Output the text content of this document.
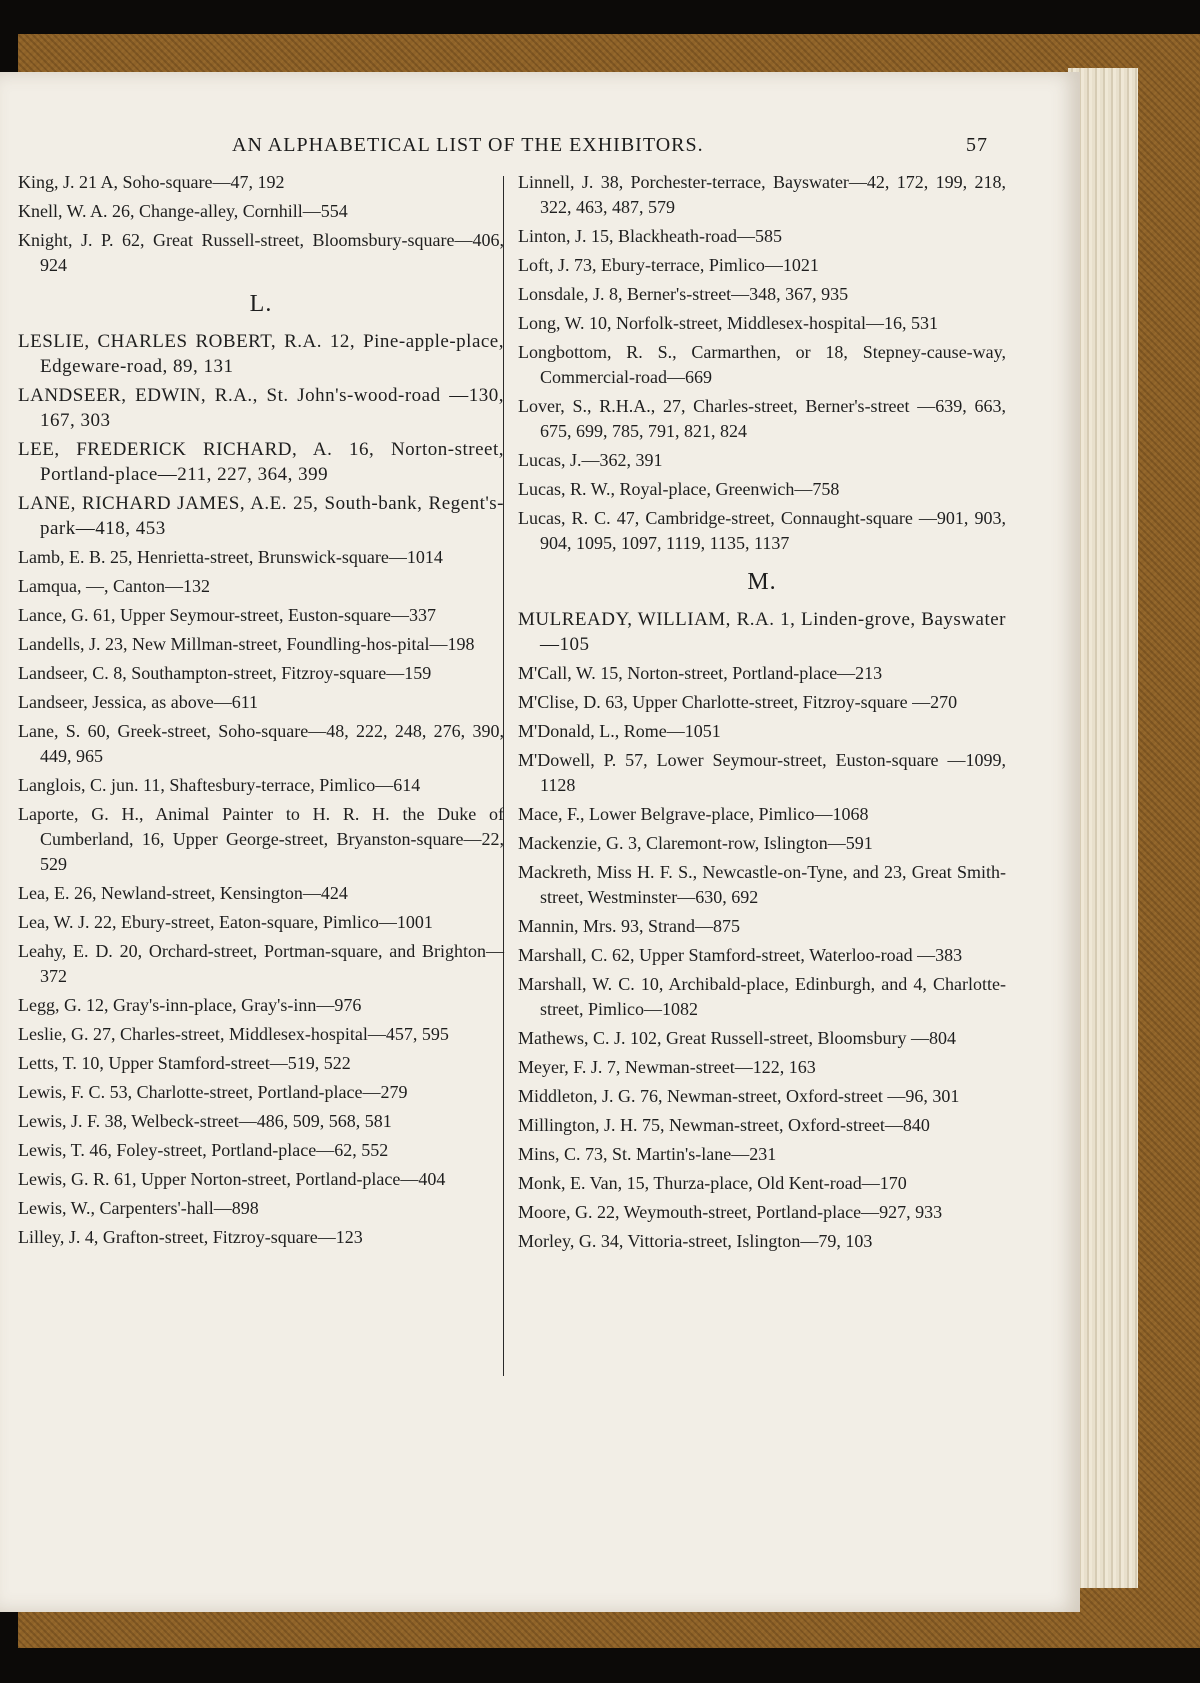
AN ALPHABETICAL LIST OF THE EXHIBITORS.	57
King, J. 21 A, Soho-square—47, 192
Knell, W. A. 26, Change-alley, Cornhill—554
Knight, J. P. 62, Great Russell-street, Bloomsbury-square—406, 924
L.
LESLIE, CHARLES ROBERT, R.A. 12, Pine-apple-place, Edgeware-road, 89, 131
LANDSEER, EDWIN, R.A., St. John's-wood-road —130, 167, 303
LEE, FREDERICK RICHARD, A. 16, Norton-street, Portland-place—211, 227, 364, 399
LANE, RICHARD JAMES, A.E. 25, South-bank, Regent's-park—418, 453
Lamb, E. B. 25, Henrietta-street, Brunswick-square—1014
Lamqua, —, Canton—132
Lance, G. 61, Upper Seymour-street, Euston-square—337
Landells, J. 23, New Millman-street, Foundling-hos-pital—198
Landseer, C. 8, Southampton-street, Fitzroy-square—159
Landseer, Jessica, as above—611
Lane, S. 60, Greek-street, Soho-square—48, 222, 248, 276, 390, 449, 965
Langlois, C. jun. 11, Shaftesbury-terrace, Pimlico—614
Laporte, G. H., Animal Painter to H. R. H. the Duke of Cumberland, 16, Upper George-street, Bryanston-square—22, 529
Lea, E. 26, Newland-street, Kensington—424
Lea, W. J. 22, Ebury-street, Eaton-square, Pimlico—1001
Leahy, E. D. 20, Orchard-street, Portman-square, and Brighton—372
Legg, G. 12, Gray's-inn-place, Gray's-inn—976
Leslie, G. 27, Charles-street, Middlesex-hospital—457, 595
Letts, T. 10, Upper Stamford-street—519, 522
Lewis, F. C. 53, Charlotte-street, Portland-place—279
Lewis, J. F. 38, Welbeck-street—486, 509, 568, 581
Lewis, T. 46, Foley-street, Portland-place—62, 552
Lewis, G. R. 61, Upper Norton-street, Portland-place—404
Lewis, W., Carpenters'-hall—898
Lilley, J. 4, Grafton-street, Fitzroy-square—123
Linnell, J. 38, Porchester-terrace, Bayswater—42, 172, 199, 218, 322, 463, 487, 579
Linton, J. 15, Blackheath-road—585
Loft, J. 73, Ebury-terrace, Pimlico—1021
Lonsdale, J. 8, Berner's-street—348, 367, 935
Long, W. 10, Norfolk-street, Middlesex-hospital—16, 531
Longbottom, R. S., Carmarthen, or 18, Stepney-cause-way, Commercial-road—669
Lover, S., R.H.A., 27, Charles-street, Berner's-street —639, 663, 675, 699, 785, 791, 821, 824
Lucas, J.—362, 391
Lucas, R. W., Royal-place, Greenwich—758
Lucas, R. C. 47, Cambridge-street, Connaught-square —901, 903, 904, 1095, 1097, 1119, 1135, 1137
M.
MULREADY, WILLIAM, R.A. 1, Linden-grove, Bayswater—105
M'Call, W. 15, Norton-street, Portland-place—213
M'Clise, D. 63, Upper Charlotte-street, Fitzroy-square —270
M'Donald, L., Rome—1051
M'Dowell, P. 57, Lower Seymour-street, Euston-square —1099, 1128
Mace, F., Lower Belgrave-place, Pimlico—1068
Mackenzie, G. 3, Claremont-row, Islington—591
Mackreth, Miss H. F. S., Newcastle-on-Tyne, and 23, Great Smith-street, Westminster—630, 692
Mannin, Mrs. 93, Strand—875
Marshall, C. 62, Upper Stamford-street, Waterloo-road —383
Marshall, W. C. 10, Archibald-place, Edinburgh, and 4, Charlotte-street, Pimlico—1082
Mathews, C. J. 102, Great Russell-street, Bloomsbury —804
Meyer, F. J. 7, Newman-street—122, 163
Middleton, J. G. 76, Newman-street, Oxford-street —96, 301
Millington, J. H. 75, Newman-street, Oxford-street—840
Mins, C. 73, St. Martin's-lane—231
Monk, E. Van, 15, Thurza-place, Old Kent-road—170
Moore, G. 22, Weymouth-street, Portland-place—927, 933
Morley, G. 34, Vittoria-street, Islington—79, 103
